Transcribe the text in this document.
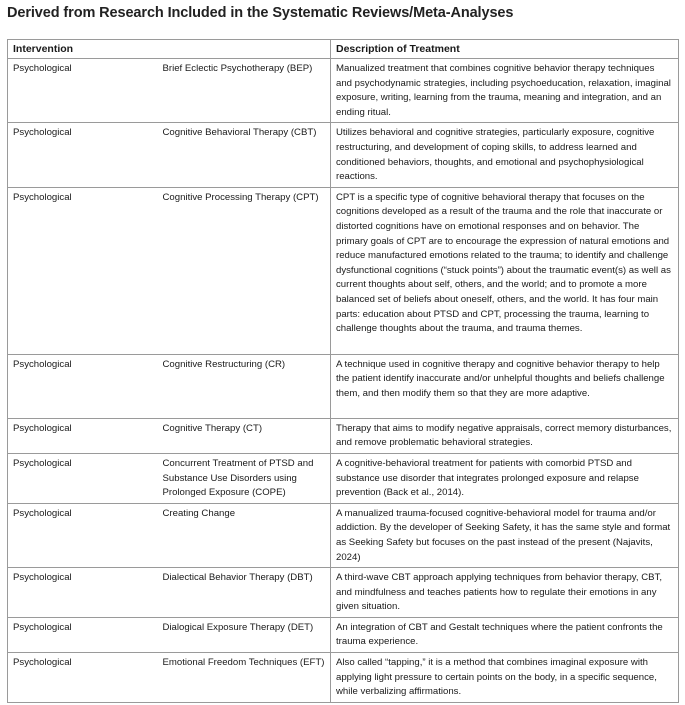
Derived from Research Included in the Systematic Reviews/Meta-Analyses
Intervention		Description of Treatment
Psychological	Brief Eclectic Psychotherapy (BEP)	Manualized treatment that combines cognitive behavior therapy techniques and psychodynamic strategies, including psychoeducation, relaxation, imaginal exposure, writing, learning from the trauma, meaning and integration, and an ending ritual.
Psychological	Cognitive Behavioral Therapy (CBT)	Utilizes behavioral and cognitive strategies, particularly exposure, cognitive restructuring, and development of coping skills, to address learned and conditioned behaviors, thoughts, and emotional and psychophysiological reactions.
Psychological	Cognitive Processing Therapy (CPT)	CPT is a specific type of cognitive behavioral therapy that focuses on the cognitions developed as a result of the trauma and the role that inaccurate or distorted cognitions have on emotional responses and on behavior. The primary goals of CPT are to encourage the expression of natural emotions and reduce manufactured emotions related to the trauma; to identify and challenge dysfunctional cognitions (“stuck points”) about the traumatic event(s) as well as current thoughts about self, others, and the world; and to promote a more balanced set of beliefs about oneself, others, and the world. It has four main parts: education about PTSD and CPT, processing the trauma, learning to challenge thoughts about the trauma, and trauma themes.
Psychological	Cognitive Restructuring (CR)	A technique used in cognitive therapy and cognitive behavior therapy to help the patient identify inaccurate and/or unhelpful thoughts and beliefs challenge them, and then modify them so that they are more adaptive.
Psychological	Cognitive Therapy (CT)	Therapy that aims to modify negative appraisals, correct memory disturbances, and remove problematic behavioral strategies.
Psychological	Concurrent Treatment of PTSD and Substance Use Disorders using Prolonged Exposure (COPE)	A cognitive-behavioral treatment for patients with comorbid PTSD and substance use disorder that integrates prolonged exposure and relapse prevention (Back et al., 2014).
Psychological	Creating Change	A manualized trauma-focused cognitive-behavioral model for trauma and/or addiction. By the developer of Seeking Safety, it has the same style and format as Seeking Safety but focuses on the past instead of the present (Najavits, 2024)
Psychological	Dialectical Behavior Therapy (DBT)	A third-wave CBT approach applying techniques from behavior therapy, CBT, and mindfulness and teaches patients how to regulate their emotions in any given situation.
Psychological	Dialogical Exposure Therapy (DET)	An integration of CBT and Gestalt techniques where the patient confronts the trauma experience.
Psychological	Emotional Freedom Techniques (EFT)	Also called “tapping,” it is a method that combines imaginal exposure with applying light pressure to certain points on the body, in a specific sequence, while verbalizing affirmations.
